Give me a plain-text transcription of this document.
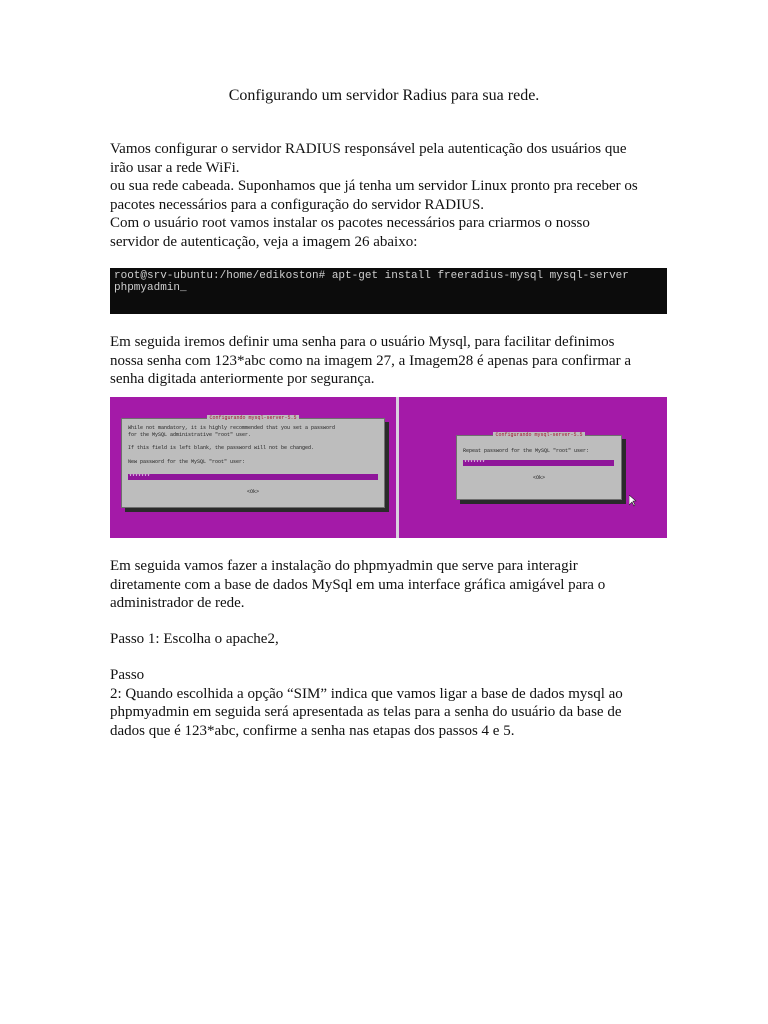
Configurando um servidor Radius para sua rede.
Vamos configurar o servidor RADIUS responsável pela autenticação dos usuários que
irão usar a rede WiFi.
ou sua rede cabeada. Suponhamos que já tenha um servidor Linux pronto pra receber os
pacotes necessários para a configuração do servidor RADIUS.
Com o usuário root vamos instalar os pacotes necessários para criarmos o nosso
servidor de autenticação, veja a imagem 26 abaixo:
root@srv-ubuntu:/home/edikoston# apt-get install freeradius-mysql mysql-server
phpmyadmin_
Em seguida iremos definir uma senha para o usuário Mysql, para facilitar definimos
nossa senha com 123*abc como na imagem 27, a Imagem28 é apenas para confirmar a
senha digitada anteriormente por segurança.
Configurando mysql-server-5.5
While not mandatory, it is highly recommended that you set a password
for the MySQL administrative "root" user.
If this field is left blank, the password will not be changed.
New password for the MySQL "root" user:
*******
<Ok>
Configurando mysql-server-5.5
Repeat password for the MySQL "root" user:
*******
<Ok>
Em seguida vamos fazer a instalação do phpmyadmin que serve para interagir
diretamente com a base de dados MySql em uma interface gráfica amigável para o
administrador de rede.
Passo 1: Escolha o apache2,
Passo
2: Quando escolhida a opção “SIM” indica que vamos ligar a base de dados mysql ao
phpmyadmin em seguida será apresentada as telas para a senha do usuário da base de
dados que é 123*abc, confirme a senha nas etapas dos passos 4 e 5.
